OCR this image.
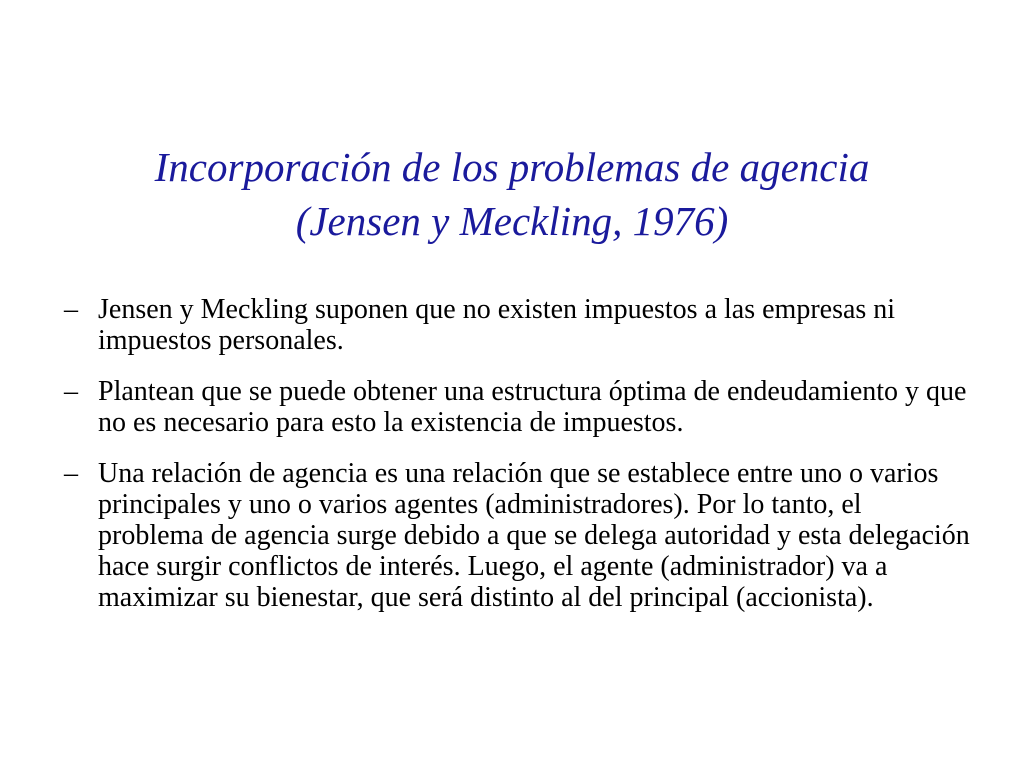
Incorporación de los problemas de agencia
(Jensen y Meckling, 1976)
– Jensen y Meckling suponen que no existen impuestos a las empresas ni impuestos personales.
– Plantean que se puede obtener una estructura óptima de endeudamiento y que no es necesario para esto la existencia de impuestos.
– Una relación de agencia es una relación que se establece entre uno o varios principales y uno o varios agentes (administradores). Por lo tanto, el problema de agencia surge debido a que se delega autoridad y esta delegación hace surgir conflictos de interés. Luego, el agente (administrador) va a maximizar su bienestar, que será distinto al del principal (accionista).
